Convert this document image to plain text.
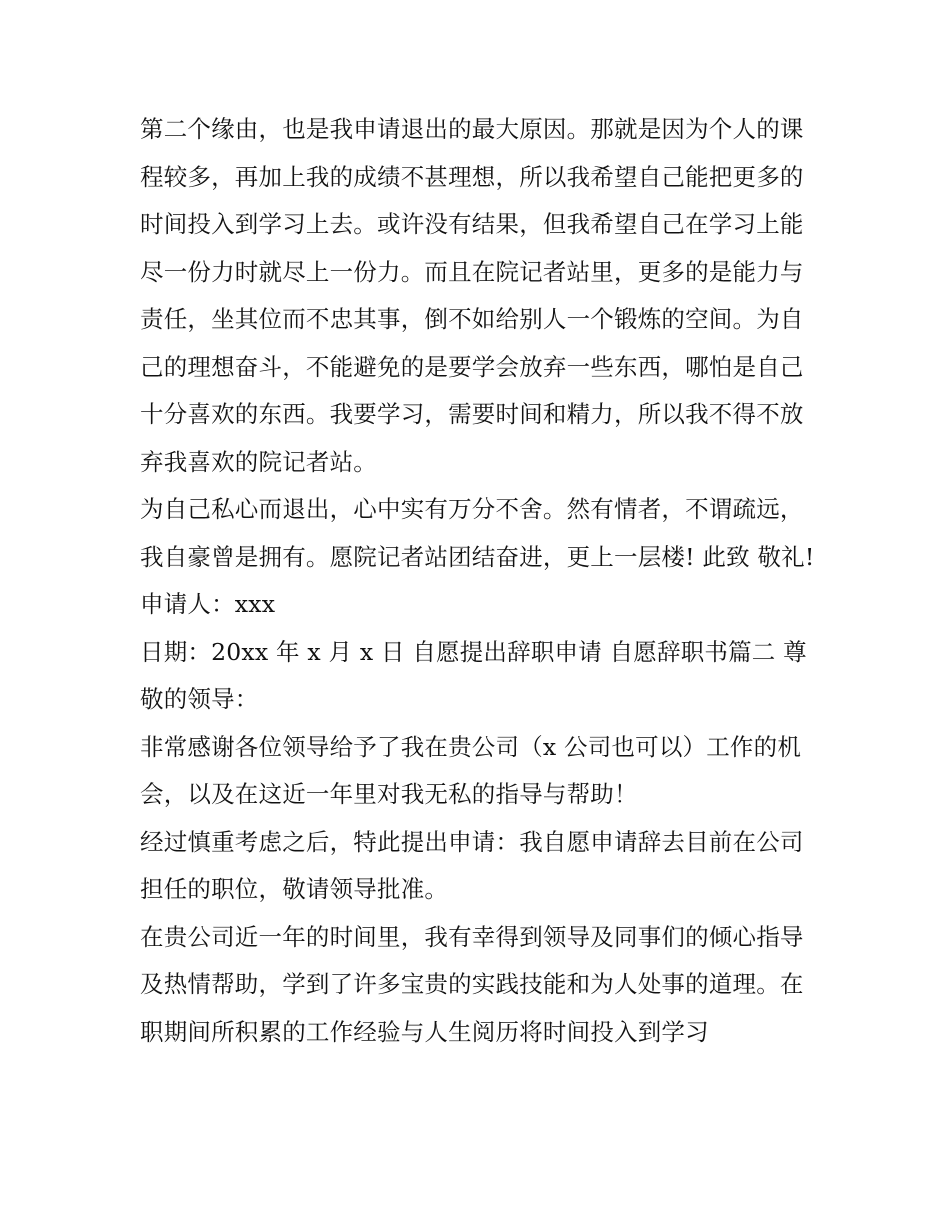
第二个缘由，也是我申请退出的最大原因。那就是因为个人的课程较多，再加上我的成绩不甚理想，所以我希望自己能把更多的时间投入到学习上去。或许没有结果，但我希望自己在学习上能尽一份力时就尽上一份力。而且在院记者站里，更多的是能力与责任，坐其位而不忠其事，倒不如给别人一个锻炼的空间。为自己的理想奋斗，不能避免的是要学会放弃一些东西，哪怕是自己十分喜欢的东西。我要学习，需要时间和精力，所以我不得不放弃我喜欢的院记者站。

为自己私心而退出，心中实有万分不舍。然有情者，不谓疏远，我自豪曾是拥有。愿院记者站团结奋进，更上一层楼! 此致 敬礼! 申请人：xxx

日期：20xx 年 x 月 x 日 自愿提出辞职申请 自愿辞职书篇二 尊敬的领导：

非常感谢各位领导给予了我在贵公司（x 公司也可以）工作的机会，以及在这近一年里对我无私的指导与帮助！

经过慎重考虑之后，特此提出申请：我自愿申请辞去目前在公司担任的职位，敬请领导批准。

在贵公司近一年的时间里，我有幸得到领导及同事们的倾心指导及热情帮助，学到了许多宝贵的实践技能和为人处事的道理。在职期间所积累的工作经验与人生阅历将时间投入到学习
